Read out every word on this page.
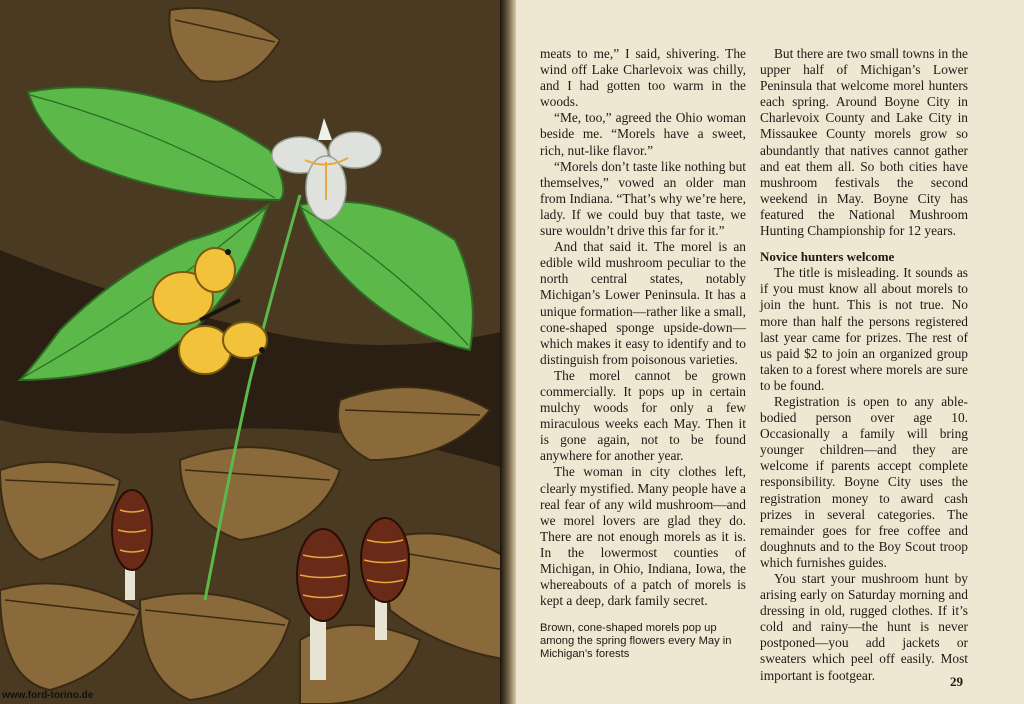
meats to me,” I said, shivering. The wind off Lake Charlevoix was chilly, and I had gotten too warm in the woods.

“Me, too,” agreed the Ohio woman beside me. “Morels have a sweet, rich, nut-like flavor.”

“Morels don’t taste like nothing but themselves,” vowed an older man from Indiana. “That’s why we’re here, lady. If we could buy that taste, we sure wouldn’t drive this far for it.”

And that said it. The morel is an edible wild mushroom peculiar to the north central states, notably Michigan’s Lower Peninsula. It has a unique formation—rather like a small, cone-shaped sponge upside-down—which makes it easy to identify and to distinguish from poisonous varieties.

The morel cannot be grown commercially. It pops up in certain mulchy woods for only a few miraculous weeks each May. Then it is gone again, not to be found anywhere for another year.

The woman in city clothes left, clearly mystified. Many people have a real fear of any wild mushroom—and we morel lovers are glad they do. There are not enough morels as it is. In the lowermost counties of Michigan, in Ohio, Indiana, Iowa, the whereabouts of a patch of morels is kept a deep, dark family secret.

Brown, cone-shaped morels pop up among the spring flowers every May in Michigan’s forests

But there are two small towns in the upper half of Michigan’s Lower Peninsula that welcome morel hunters each spring. Around Boyne City in Charlevoix County and Lake City in Missaukee County morels grow so abundantly that natives cannot gather and eat them all. So both cities have mushroom festivals the second weekend in May. Boyne City has featured the National Mushroom Hunting Championship for 12 years.

Novice hunters welcome

The title is misleading. It sounds as if you must know all about morels to join the hunt. This is not true. No more than half the persons registered last year came for prizes. The rest of us paid $2 to join an organized group taken to a forest where morels are sure to be found.

Registration is open to any able-bodied person over age 10. Occasionally a family will bring younger children—and they are welcome if parents accept complete responsibility. Boyne City uses the registration money to award cash prizes in several categories. The remainder goes for free coffee and doughnuts and to the Boy Scout troop which furnishes guides.

You start your mushroom hunt by arising early on Saturday morning and dressing in old, rugged clothes. If it’s cold and rainy—the hunt is never postponed—you add jackets or sweaters which peel off easily. Most important is footgear.	29
www.ford-torino.de
